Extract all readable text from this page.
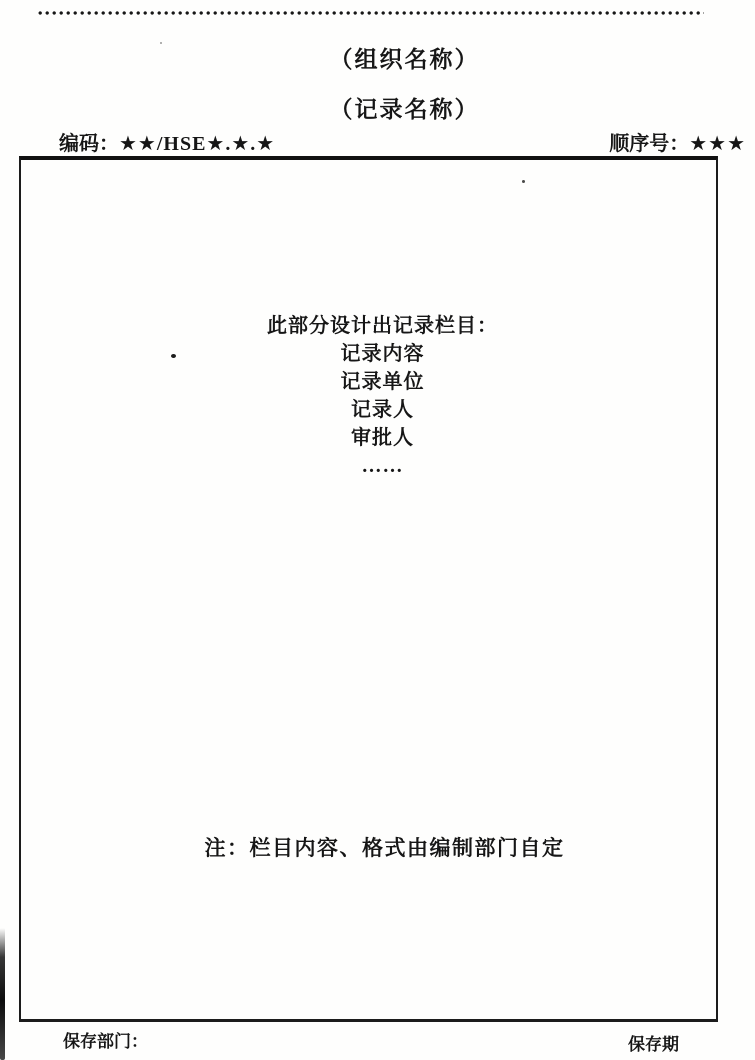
（组织名称）
（记录名称）
编码：★★/HSE★.★.★	顺序号：★★★
此部分设计出记录栏目：
记录内容
记录单位
记录人
审批人
……
注：栏目内容、格式由编制部门自定
保存部门：	保存期
